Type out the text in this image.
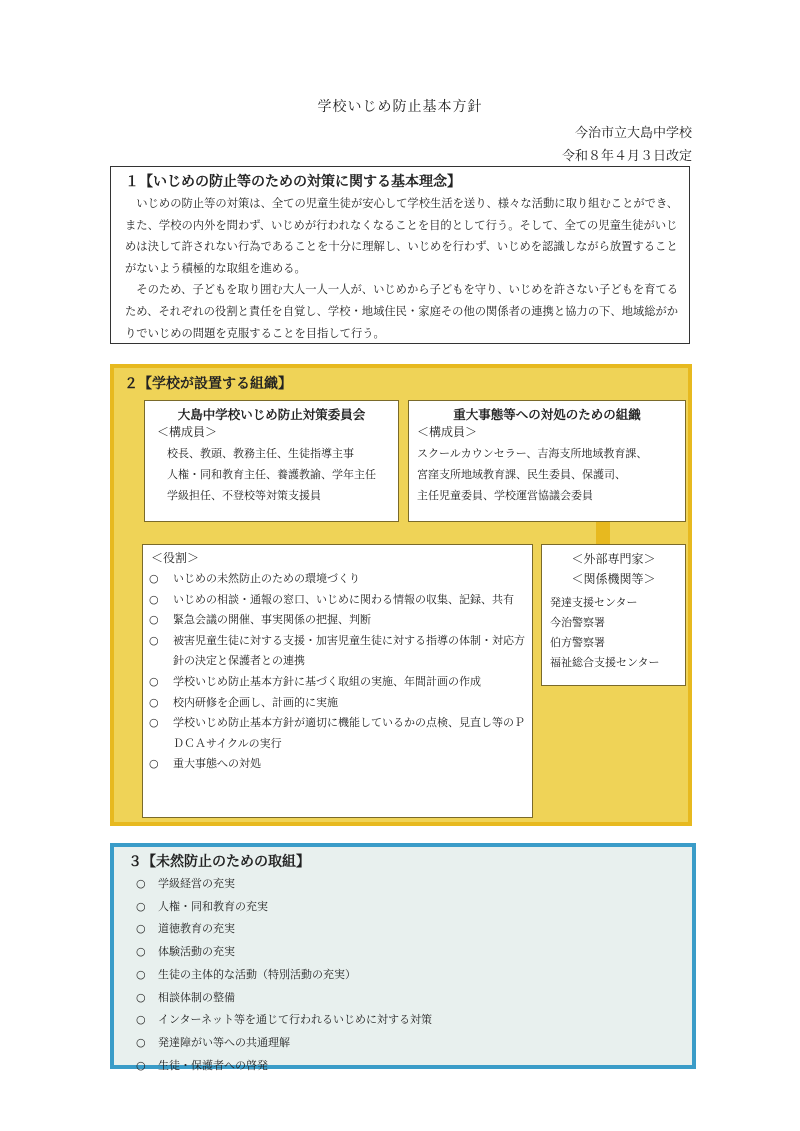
学校いじめ防止基本方針
今治市立大島中学校
令和８年４月３日改定
１【いじめの防止等のための対策に関する基本理念】

いじめの防止等の対策は、全ての児童生徒が安心して学校生活を送り、様々な活動に取り組むことができ、また、学校の内外を問わず、いじめが行われなくなることを目的として行う。そして、全ての児童生徒がいじめは決して許されない行為であることを十分に理解し、いじめを行わず、いじめを認識しながら放置することがないよう積極的な取組を進める。

そのため、子どもを取り囲む大人一人一人が、いじめから子どもを守り、いじめを許さない子どもを育てるため、それぞれの役割と責任を自覚し、学校・地域住民・家庭その他の関係者の連携と協力の下、地域総がかりでいじめの問題を克服することを目指して行う。

２【学校が設置する組織】
大島中学校いじめ防止対策委員会
＜構成員＞
校長、教頭、教務主任、生徒指導主事
人権・同和教育主任、養護教諭、学年主任
学級担任、不登校等対策支援員
重大事態等への対処のための組織
＜構成員＞
スクールカウンセラー、吉海支所地域教育課、
宮窪支所地域教育課、民生委員、保護司、
主任児童委員、学校運営協議会委員
＜役割＞
○ いじめの未然防止のための環境づくり
○ いじめの相談・通報の窓口、いじめに関わる情報の収集、記録、共有
○ 緊急会議の開催、事実関係の把握、判断
○ 被害児童生徒に対する支援・加害児童生徒に対する指導の体制・対応方針の決定と保護者との連携
○ 学校いじめ防止基本方針に基づく取組の実施、年間計画の作成
○ 校内研修を企画し、計画的に実施
○ 学校いじめ防止基本方針が適切に機能しているかの点検、見直し等のＰＤＣＡサイクルの実行
○ 重大事態への対処
＜外部専門家＞
＜関係機関等＞
発達支援センター
今治警察署
伯方警察署
福祉総合支援センター
３【未然防止のための取組】
○ 学級経営の充実
○ 人権・同和教育の充実
○ 道徳教育の充実
○ 体験活動の充実
○ 生徒の主体的な活動（特別活動の充実）
○ 相談体制の整備
○ インターネット等を通じて行われるいじめに対する対策
○ 発達障がい等への共通理解
○ 生徒・保護者への啓発
